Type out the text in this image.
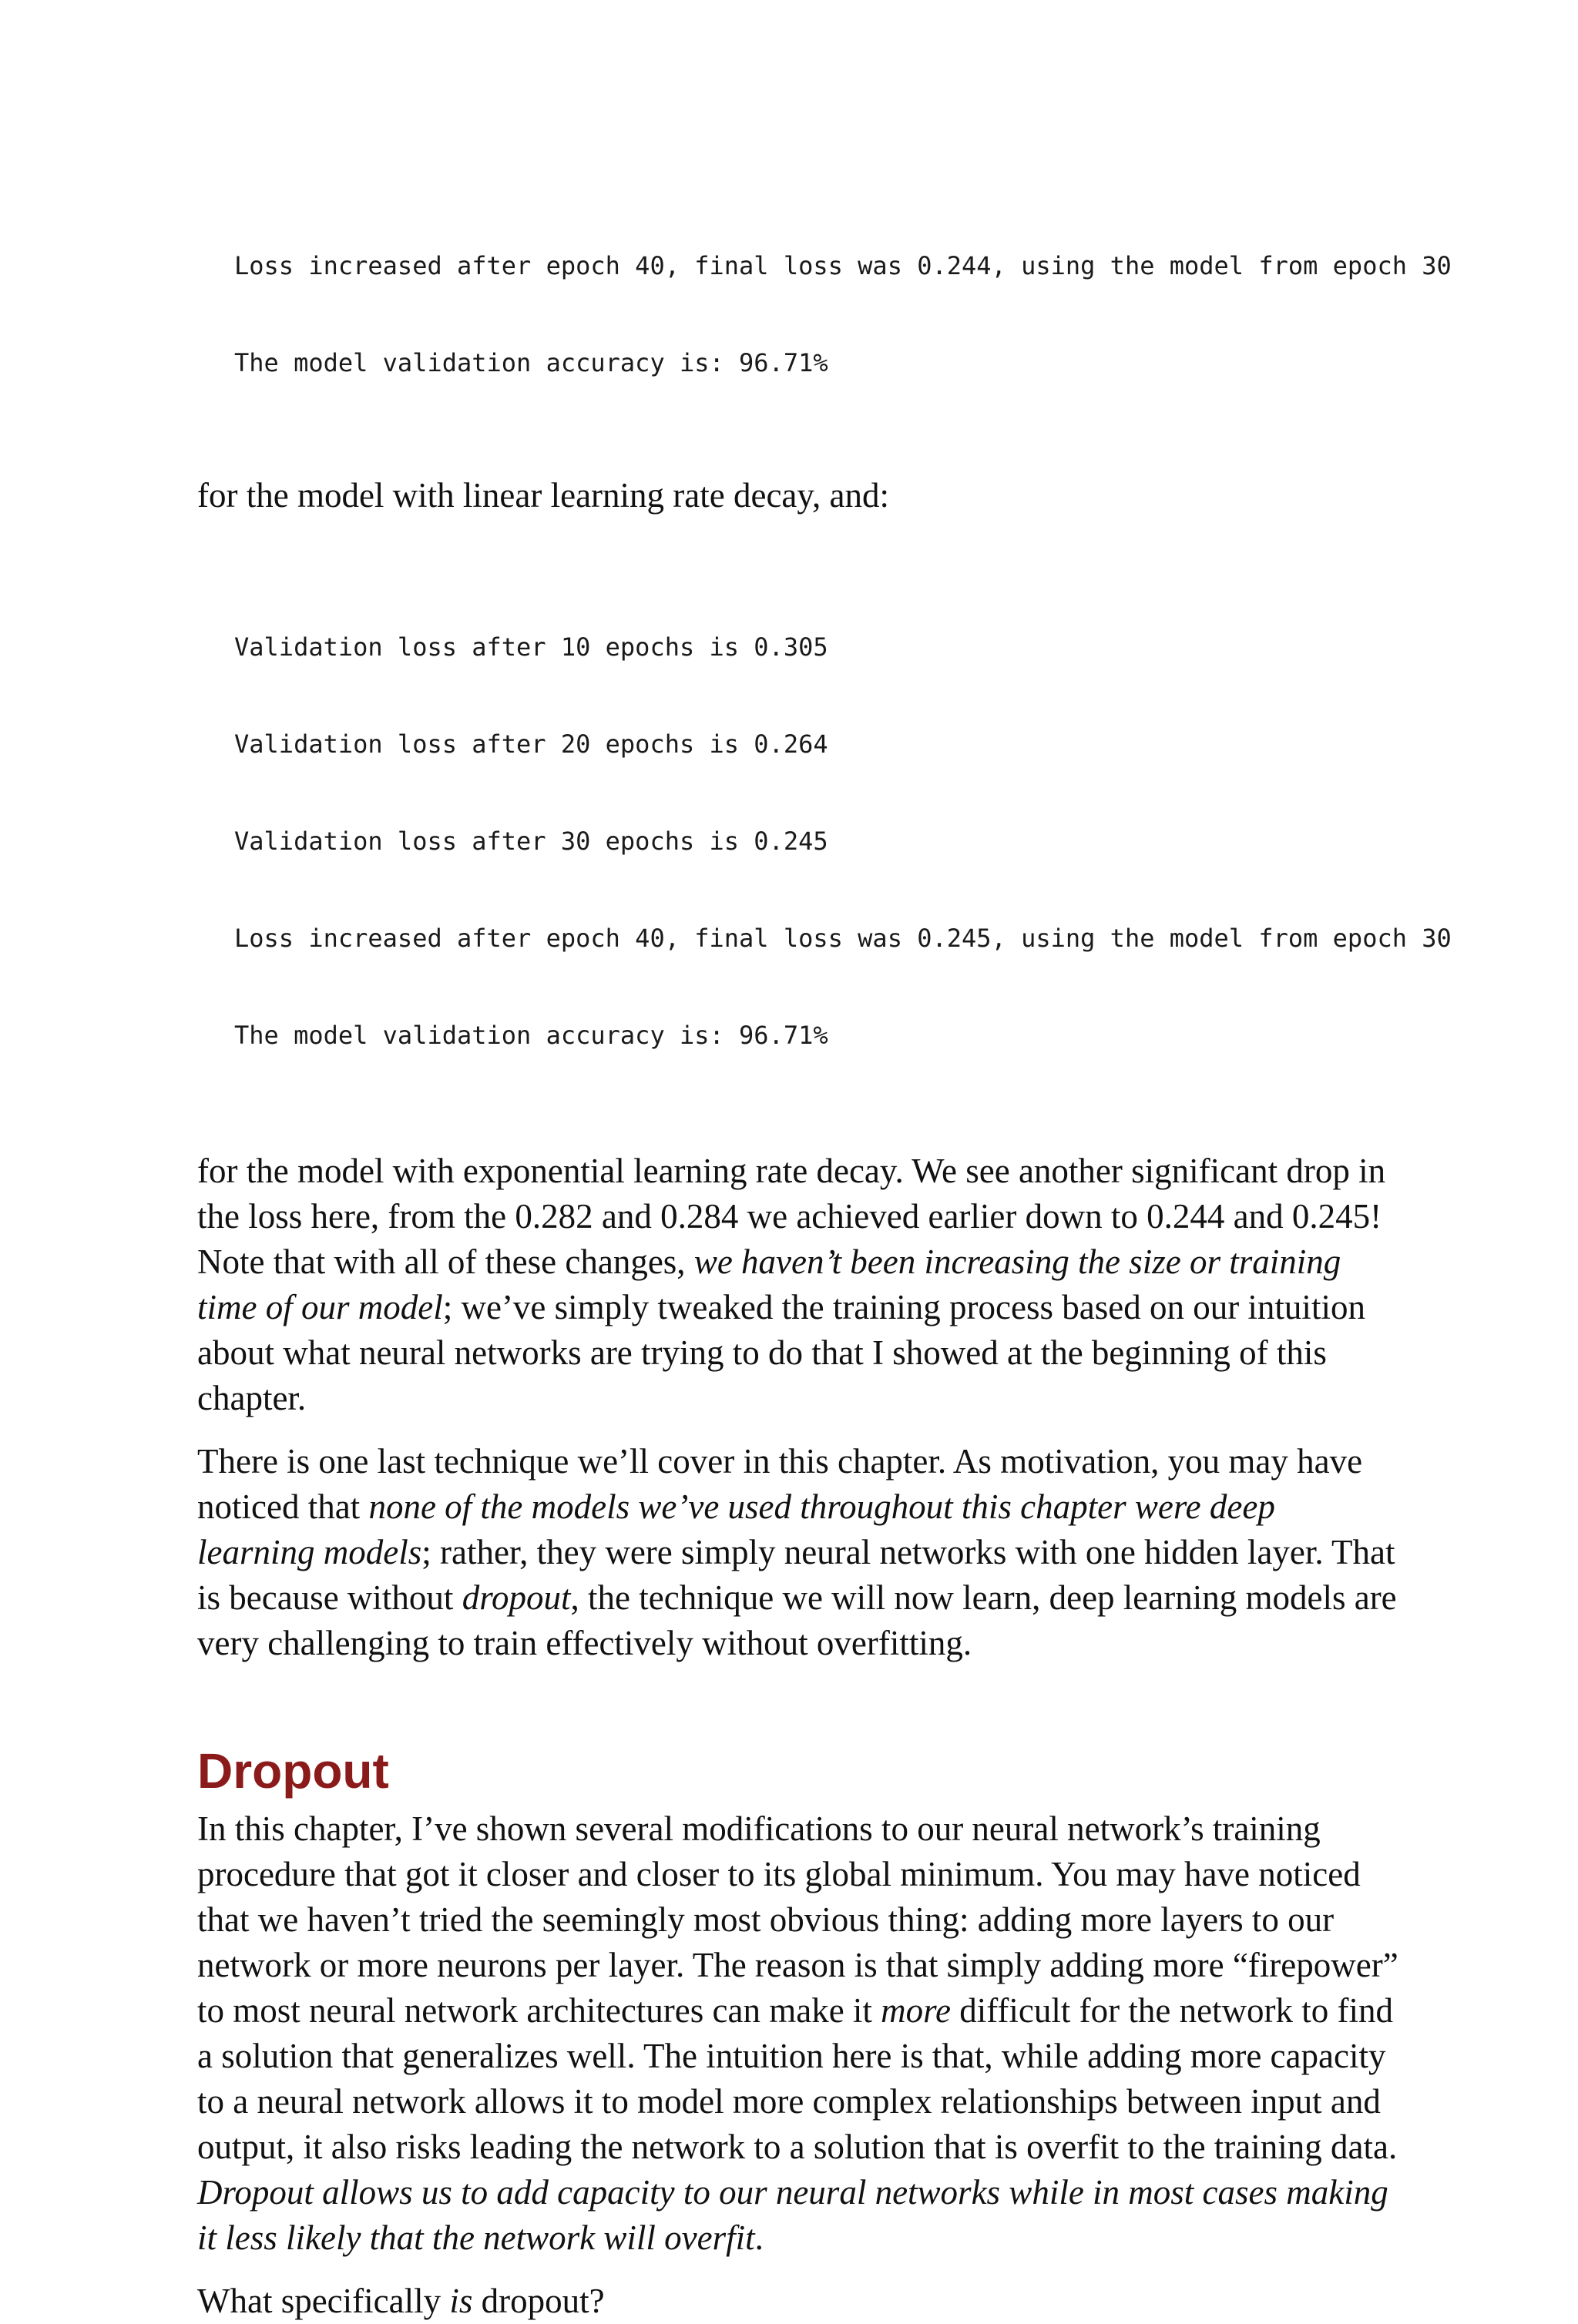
Loss increased after epoch 40, final loss was 0.244, using the model from epoch 30

The model validation accuracy is: 96.71%

for the model with linear learning rate decay, and:

Validation loss after 10 epochs is 0.305

Validation loss after 20 epochs is 0.264

Validation loss after 30 epochs is 0.245

Loss increased after epoch 40, final loss was 0.245, using the model from epoch 30

The model validation accuracy is: 96.71%

for the model with exponential learning rate decay. We see another significant drop in the loss here, from the 0.282 and 0.284 we achieved earlier down to 0.244 and 0.245! Note that with all of these changes, we haven’t been increasing the size or training time of our model; we’ve simply tweaked the training process based on our intuition about what neural networks are trying to do that I showed at the beginning of this chapter.

There is one last technique we’ll cover in this chapter. As motivation, you may have noticed that none of the models we’ve used throughout this chapter were deep learning models; rather, they were simply neural networks with one hidden layer. That is because without dropout, the technique we will now learn, deep learning models are very challenging to train effectively without overfitting.

Dropout

In this chapter, I’ve shown several modifications to our neural network’s training procedure that got it closer and closer to its global minimum. You may have noticed that we haven’t tried the seemingly most obvious thing: adding more layers to our network or more neurons per layer. The reason is that simply adding more “firepower” to most neural network architectures can make it more difficult for the network to find a solution that generalizes well. The intuition here is that, while adding more capacity to a neural network allows it to model more complex relationships between input and output, it also risks leading the network to a solution that is overfit to the training data. Dropout allows us to add capacity to our neural networks while in most cases making it less likely that the network will overfit.

What specifically is dropout?
